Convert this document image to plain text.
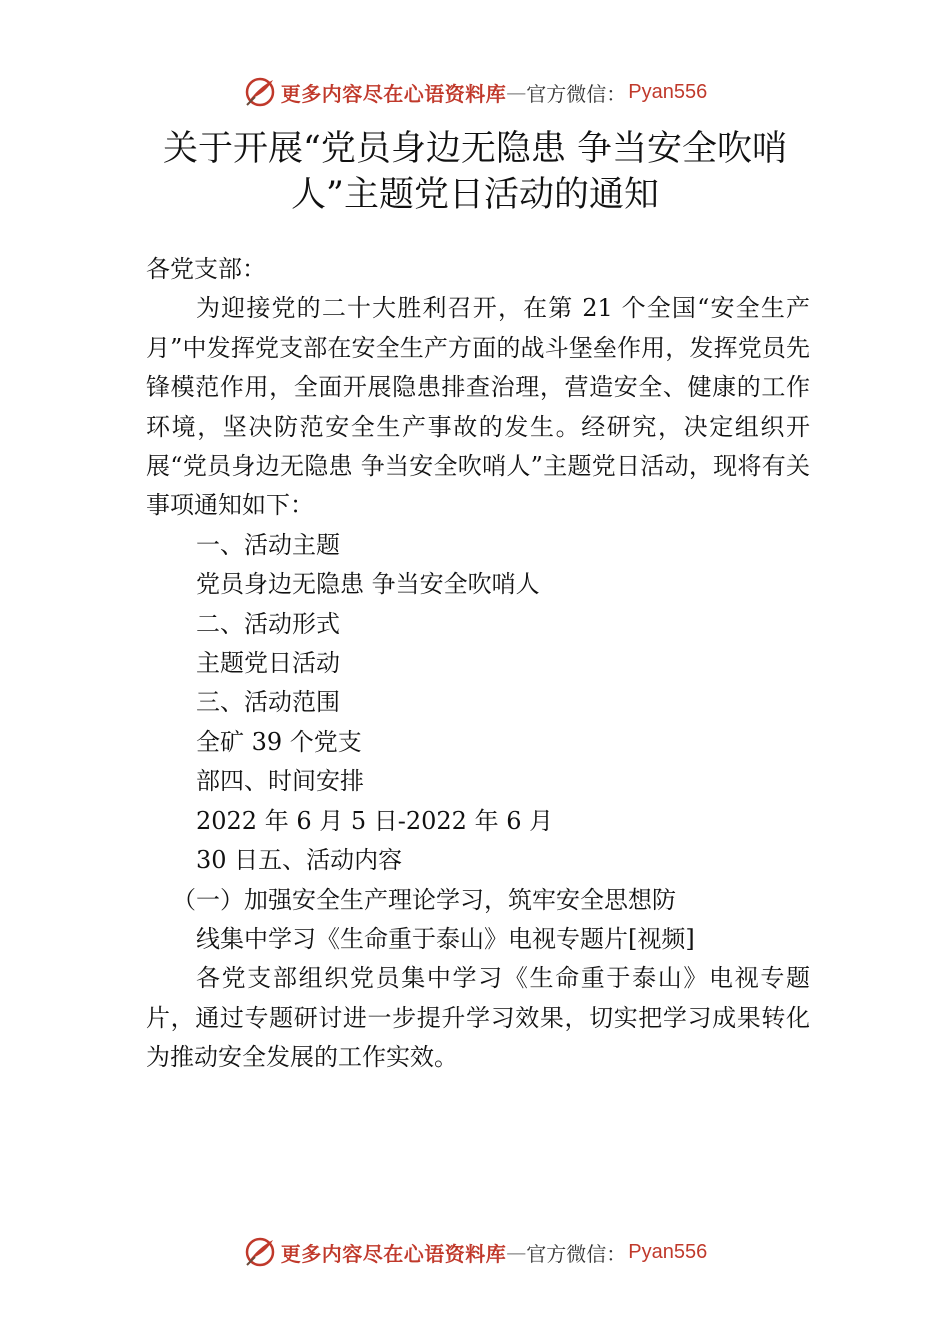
更多内容尽在心语资料库 — 官方微信： Pyan556
关于开展“党员身边无隐患 争当安全吹哨人”主题党日活动的通知
各党支部：
为迎接党的二十大胜利召开，在第 21 个全国“安全生产月”中发挥党支部在安全生产方面的战斗堡垒作用，发挥党员先锋模范作用，全面开展隐患排查治理，营造安全、健康的工作环境，坚决防范安全生产事故的发生。经研究，决定组织开展“党员身边无隐患 争当安全吹哨人”主题党日活动，现将有关事项通知如下：
一、活动主题
党员身边无隐患 争当安全吹哨人
二、活动形式
主题党日活动
三、活动范围
全矿 39 个党支
部四、时间安排
2022 年 6 月 5 日-2022 年 6 月
30 日五、活动内容
（一）加强安全生产理论学习，筑牢安全思想防
线集中学习《生命重于泰山》电视专题片[视频]
各党支部组织党员集中学习《生命重于泰山》电视专题片，通过专题研讨进一步提升学习效果，切实把学习成果转化为推动安全发展的工作实效。
更多内容尽在心语资料库 — 官方微信： Pyan556
